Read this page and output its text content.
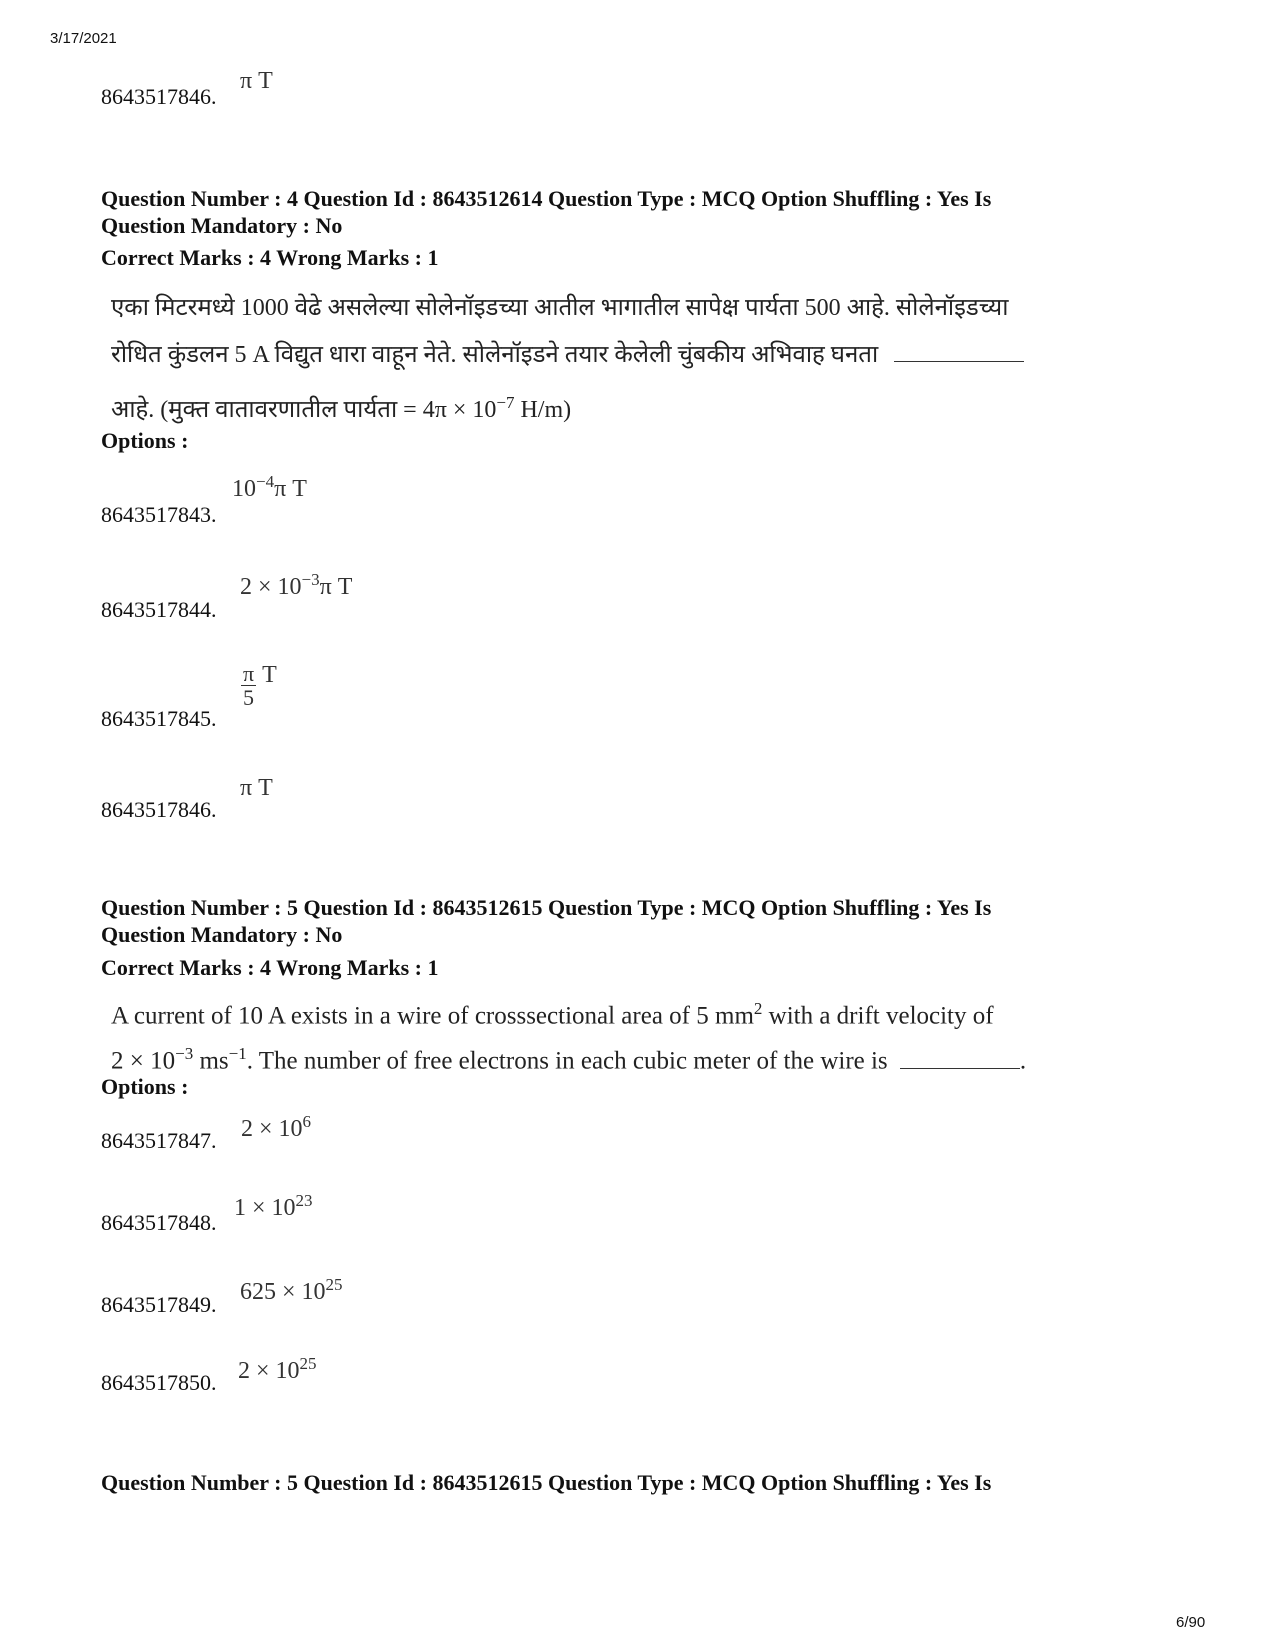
3/17/2021
8643517846.
π T
Question Number : 4 Question Id : 8643512614 Question Type : MCQ Option Shuffling : Yes Is
Question Mandatory : No
Correct Marks : 4 Wrong Marks : 1

एका मिटरमध्ये 1000 वेढे असलेल्या सोलेनॉइडच्या आतील भागातील सापेक्ष पार्यता 500 आहे. सोलेनॉइडच्या

रोधित कुंडलन 5 A विद्युत धारा वाहून नेते. सोलेनॉइडने तयार केलेली चुंबकीय अभिवाह घनता

आहे. (मुक्त वातावरणातील पार्यता = $4\pi \times 10^{-7}$ H/m)

Options :
8643517843.
$10^{-4}\pi$ T
8643517844.
$2 \times 10^{-3}\pi$ T
8643517845.
$\frac{\pi}{5}$ T
8643517846.
π T
Question Number : 5 Question Id : 8643512615 Question Type : MCQ Option Shuffling : Yes Is
Question Mandatory : No
Correct Marks : 4 Wrong Marks : 1

A current of 10 A exists in a wire of crosssectional area of 5 $mm^2$ with a drift velocity of

$2 \times 10^{-3}$ $ms^{-1}$. The number of free electrons in each cubic meter of the wire is	.

Options :
8643517847. $2 \times 10^6$
8643517848.
$1 \times 10^{23}$
8643517849. $625 \times 10^{25}$
8643517850. $2 \times 10^{25}$
Question Number : 5 Question Id : 8643512615 Question Type : MCQ Option Shuffling : Yes Is
6/90
